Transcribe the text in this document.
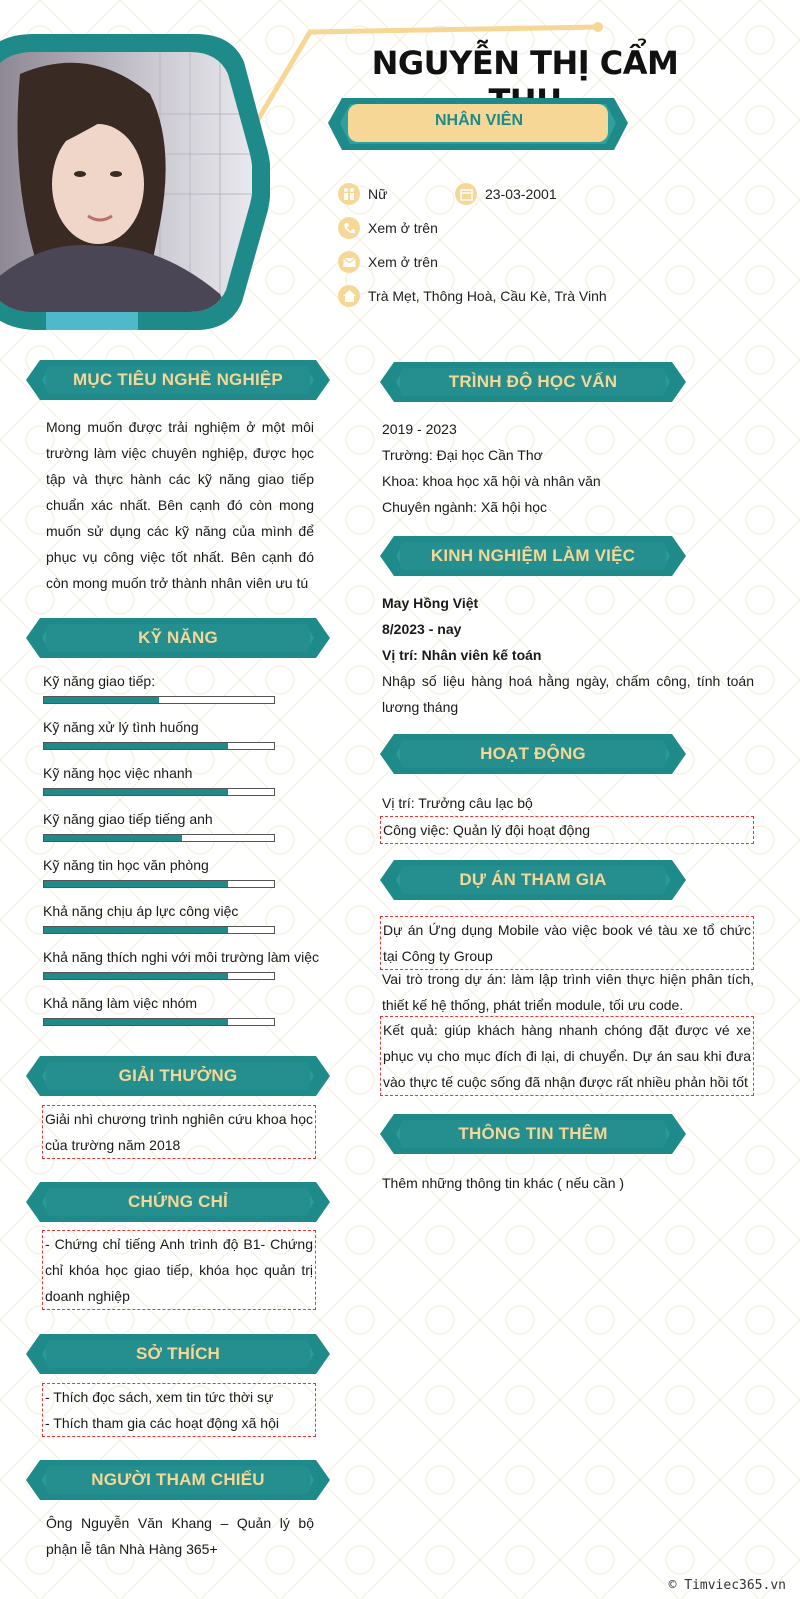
NGUYỄN THỊ CẨM
NHÂN VIÊN
Nữ	23-03-2001
Xem ở trên
Xem ở trên
Trà Mẹt, Thông Hoà, Cầu Kè, Trà Vinh
MỤC TIÊU NGHỀ NGHIỆP
Mong muốn được trải nghiệm ở một môi trường làm việc chuyên nghiệp, được học tập và thực hành các kỹ năng giao tiếp chuẩn xác nhất. Bên cạnh đó còn mong muốn sử dụng các kỹ năng của mình để phục vụ công việc tốt nhất. Bên cạnh đó còn mong muốn trở thành nhân viên ưu tú
KỸ NĂNG
Kỹ năng giao tiếp:
Kỹ năng xử lý tình huống
Kỹ năng học việc nhanh
Kỹ năng giao tiếp tiếng anh
Kỹ năng tin học văn phòng
Khả năng chịu áp lực công việc
Khả năng thích nghi với môi trường làm việc
Khả năng làm việc nhóm
GIẢI THƯỞNG
Giải nhì chương trình nghiên cứu khoa học của trường năm 2018
CHỨNG CHỈ
- Chứng chỉ tiếng Anh trình độ B1- Chứng chỉ khóa học giao tiếp, khóa học quản trị doanh nghiệp
SỞ THÍCH
- Thích đọc sách, xem tin tức thời sự
- Thích tham gia các hoạt động xã hội
NGƯỜI THAM CHIẾU
Ông Nguyễn Văn Khang – Quản lý bộ phận lễ tân Nhà Hàng 365+
TRÌNH ĐỘ HỌC VẤN
2019 - 2023
Trường: Đại học Cần Thơ
Khoa: khoa học xã hội và nhân văn
Chuyên ngành: Xã hội học
KINH NGHIỆM LÀM VIỆC
May Hồng Việt
8/2023 - nay
Vị trí: Nhân viên kế toán
Nhập số liệu hàng hoá hằng ngày, chấm công, tính toán lương tháng
HOẠT ĐỘNG
Vị trí: Trưởng câu lạc bộ
Công việc: Quản lý đội hoạt động
DỰ ÁN THAM GIA
Dự án Ứng dụng Mobile vào việc book vé tàu xe tổ chức tại Công ty Group
Vai trò trong dự án: làm lập trình viên thực hiện phân tích, thiết kế hệ thống, phát triển module, tối ưu code.
Kết quả: giúp khách hàng nhanh chóng đặt được vé xe phục vụ cho mục đích đi lại, di chuyển. Dự án sau khi đưa vào thực tế cuộc sống đã nhận được rất nhiều phản hồi tốt
THÔNG TIN THÊM
Thêm những thông tin khác ( nếu cần )
© Timviec365.vn
